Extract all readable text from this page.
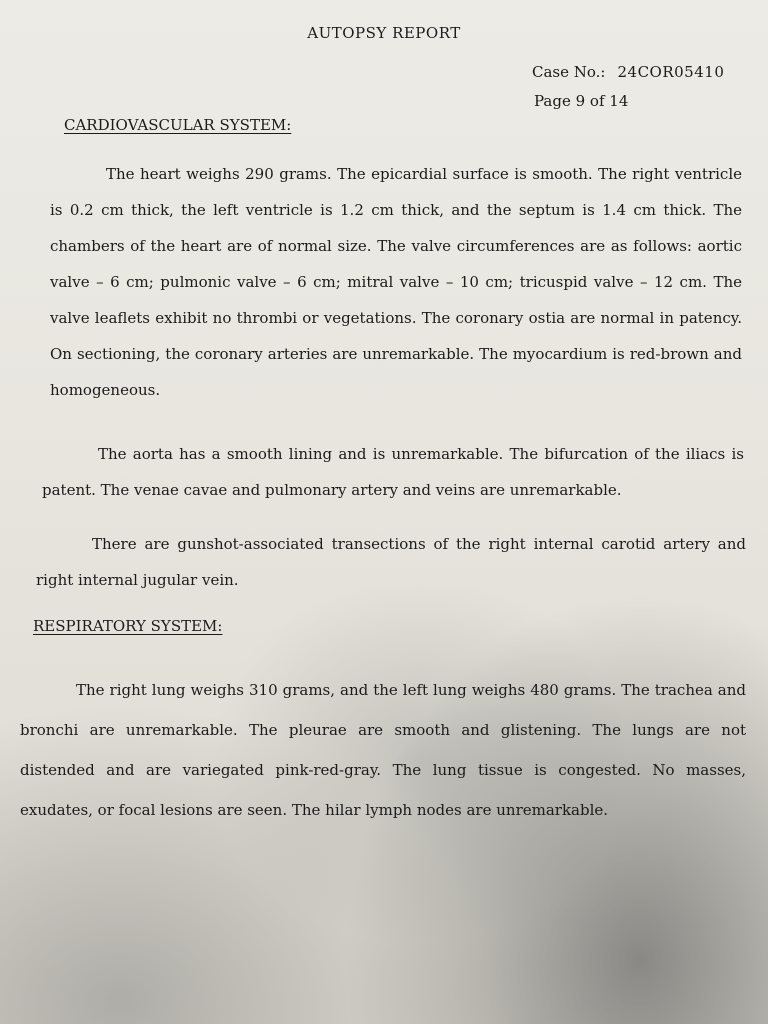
AUTOPSY REPORT
Case No.: 24COR05410
Page 9 of 14
CARDIOVASCULAR SYSTEM:

The heart weighs 290 grams. The epicardial surface is smooth. The right ventricle is 0.2 cm thick, the left ventricle is 1.2 cm thick, and the septum is 1.4 cm thick. The chambers of the heart are of normal size. The valve circumferences are as follows: aortic valve – 6 cm; pulmonic valve – 6 cm; mitral valve – 10 cm; tricuspid valve – 12 cm. The valve leaflets exhibit no thrombi or vegetations. The coronary ostia are normal in patency. On sectioning, the coronary arteries are unremarkable. The myocardium is red-brown and homogeneous.

The aorta has a smooth lining and is unremarkable. The bifurcation of the iliacs is patent. The venae cavae and pulmonary artery and veins are unremarkable.

There are gunshot-associated transections of the right internal carotid artery and right internal jugular vein.

RESPIRATORY SYSTEM:

The right lung weighs 310 grams, and the left lung weighs 480 grams. The trachea and bronchi are unremarkable. The pleurae are smooth and glistening. The lungs are not distended and are variegated pink-red-gray. The lung tissue is congested. No masses, exudates, or focal lesions are seen. The hilar lymph nodes are unremarkable.
